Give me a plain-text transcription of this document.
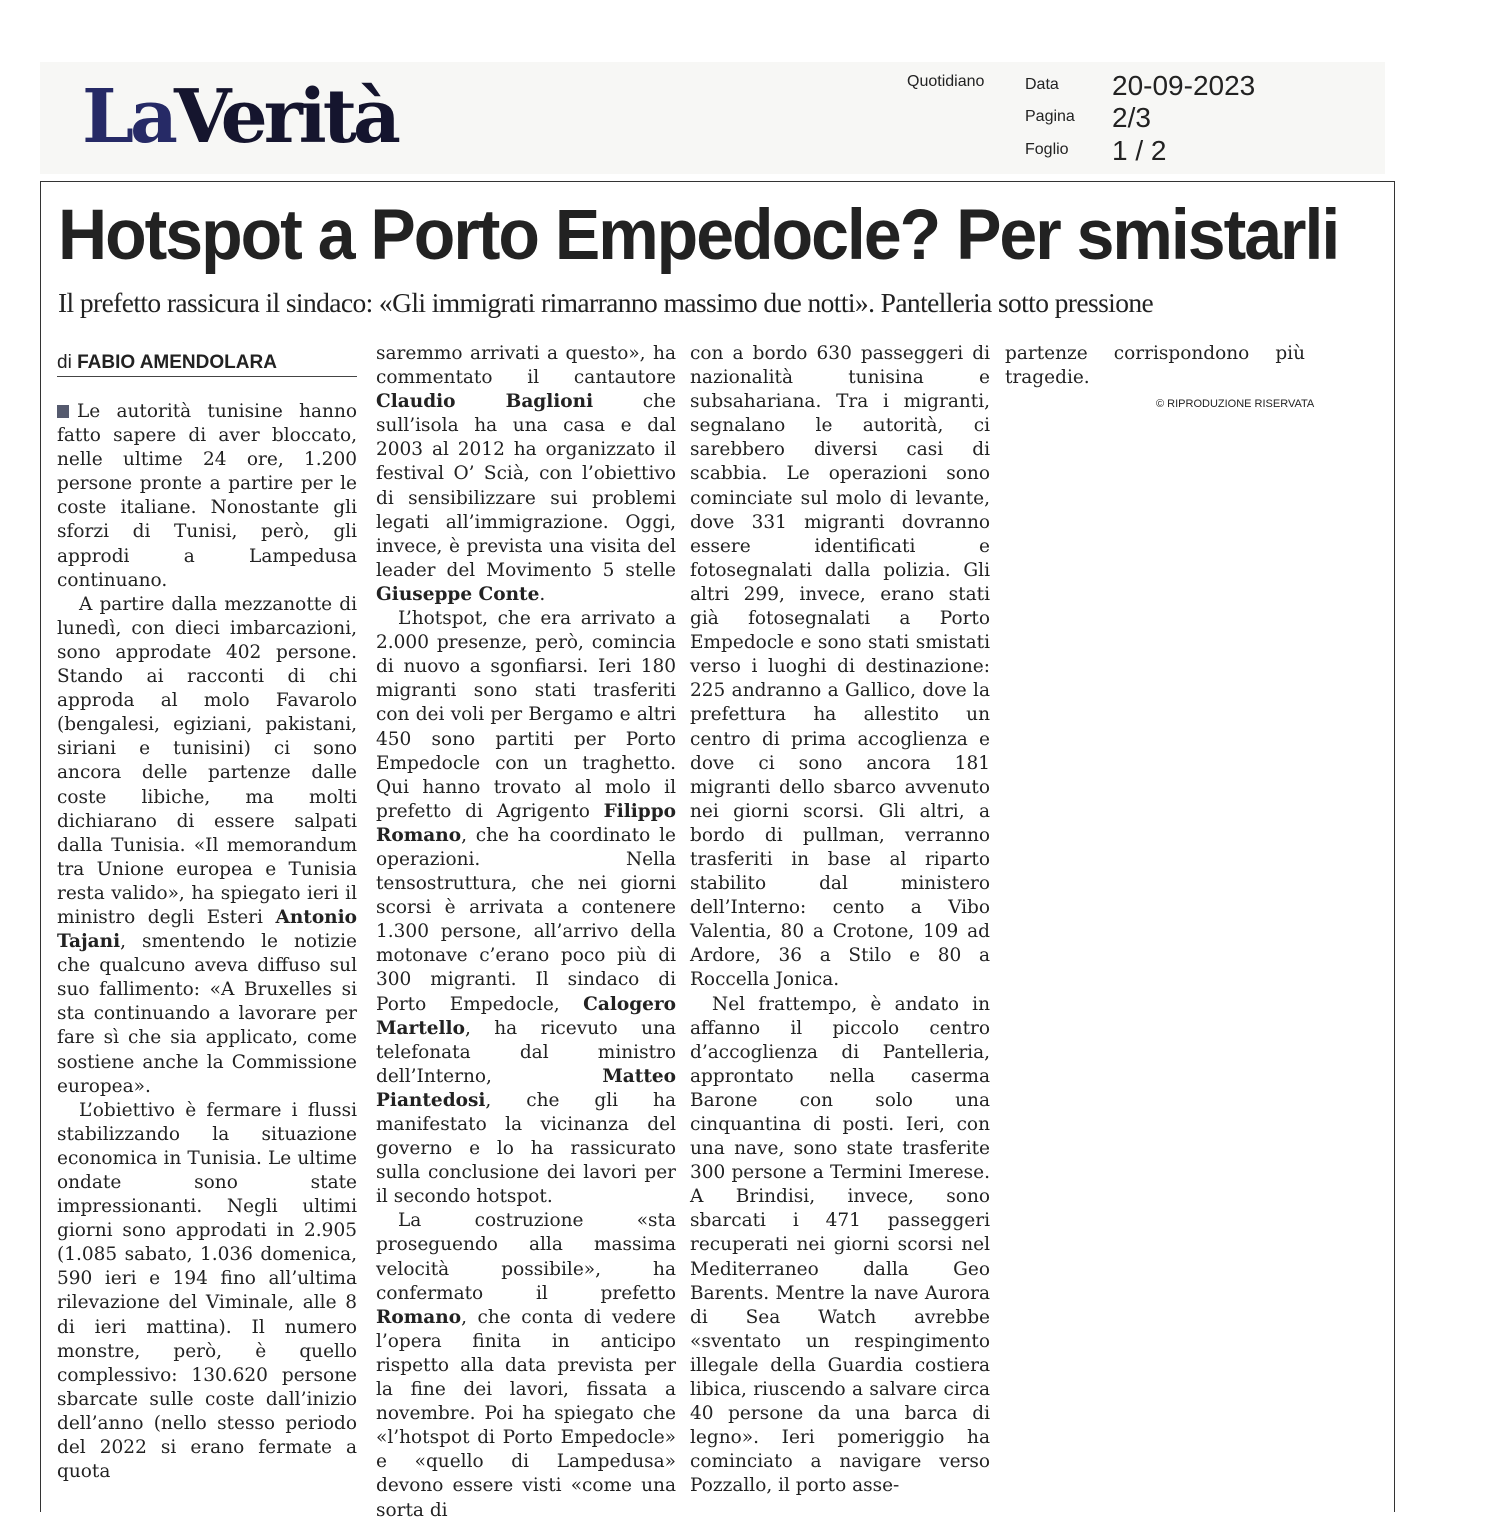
LaVerità	Quotidiano	Data 20-09-2023
Pagina 2/3
Foglio 1 / 2
Hotspot a Porto Empedocle? Per smistarli
Il prefetto rassicura il sindaco: «Gli immigrati rimarranno massimo due notti». Pantelleria sotto pressione
di FABIO AMENDOLARA

Le autorità tunisine hanno fatto sapere di aver bloccato, nelle ultime 24 ore, 1.200 persone pronte a partire per le coste italiane. Nonostante gli sforzi di Tunisi, però, gli approdi a Lampedusa continuano.

A partire dalla mezzanotte di lunedì, con dieci imbarcazioni, sono approdate 402 persone. Stando ai racconti di chi approda al molo Favarolo (bengalesi, egiziani, pakistani, siriani e tunisini) ci sono ancora delle partenze dalle coste libiche, ma molti dichiarano di essere salpati dalla Tunisia. «Il memorandum tra Unione europea e Tunisia resta valido», ha spiegato ieri il ministro degli Esteri Antonio Tajani, smentendo le notizie che qualcuno aveva diffuso sul suo fallimento: «A Bruxelles si sta continuando a lavorare per fare sì che sia applicato, come sostiene anche la Commissione europea».

L’obiettivo è fermare i flussi stabilizzando la situazione economica in Tunisia. Le ultime ondate sono state impressionanti. Negli ultimi giorni sono approdati in 2.905 (1.085 sabato, 1.036 domenica, 590 ieri e 194 fino all’ultima rilevazione del Viminale, alle 8 di ieri mattina). Il numero monstre, però, è quello complessivo: 130.620 persone sbarcate sulle coste dall’inizio dell’anno (nello stesso periodo del 2022 si erano fermate a quota

saremmo arrivati a questo», ha commentato il cantautore Claudio Baglioni	che sull’isola ha una casa e dal 2003 al 2012 ha organizzato il festival O’ Scià, con l’obiettivo di sensibilizzare sui problemi legati all’immigrazione. Oggi, invece, è prevista una visita del leader del Movimento 5 stelle Giuseppe Conte.

L’hotspot, che era arrivato a 2.000 presenze, però, comincia di nuovo a sgonfiarsi. Ieri 180 migranti sono stati trasferiti con dei voli per Bergamo e altri 450 sono partiti per Porto Empedocle con un traghetto. Qui hanno trovato al molo il prefetto di Agrigento Filippo Romano, che ha coordinato le operazioni. Nella tensostruttura, che nei giorni scorsi è arrivata a contenere 1.300 persone, all’arrivo della motonave c’erano poco più di 300 migranti. Il sindaco di Porto Empedocle, Calogero Martello, ha ricevuto una telefonata dal ministro dell’Interno,	Matteo Piantedosi, che gli ha manifestato la vicinanza del governo e lo ha rassicurato sulla conclusione dei lavori per il secondo hotspot.

La costruzione «sta proseguendo alla massima velocità possibile», ha confermato il prefetto Romano, che conta di vedere l’opera finita in anticipo rispetto alla data prevista per la fine dei lavori, fissata a novembre. Poi ha spiegato che «l’hotspot di Porto Empedocle» e «quello di Lampedusa» devono essere visti «come una sorta di

con a bordo 630 passeggeri di nazionalità tunisina e subsahariana. Tra i migranti, segnalano le autorità, ci sarebbero diversi casi di scabbia. Le operazioni sono cominciate sul molo di levante, dove 331 migranti dovranno essere identificati e fotosegnalati dalla polizia. Gli altri 299, invece, erano stati già fotosegnalati a Porto Empedocle e sono stati smistati verso i luoghi di destinazione: 225 andranno a Gallico, dove la prefettura ha allestito un centro di prima accoglienza e dove ci sono ancora 181 migranti dello sbarco avvenuto nei giorni scorsi. Gli altri, a bordo di pullman, verranno trasferiti in base al riparto stabilito dal ministero dell’Interno: cento a Vibo Valentia, 80 a Crotone, 109 ad Ardore, 36 a Stilo e 80 a Roccella Jonica.

Nel frattempo, è andato in affanno il piccolo centro d’accoglienza di Pantelleria, approntato nella caserma Barone con solo una cinquantina di posti. Ieri, con una nave, sono state trasferite 300 persone a Termini Imerese. A Brindisi, invece, sono sbarcati i 471 passeggeri recuperati nei giorni scorsi nel Mediterraneo dalla Geo Barents. Mentre la nave Aurora di Sea Watch avrebbe «sventato un respingimento illegale della Guardia costiera libica, riuscendo a salvare circa 40 persone da una barca di legno». Ieri pomeriggio ha cominciato a navigare verso Pozzallo, il porto asse-

partenze corrispondono più tragedie.

© RIPRODUZIONE RISERVATA
